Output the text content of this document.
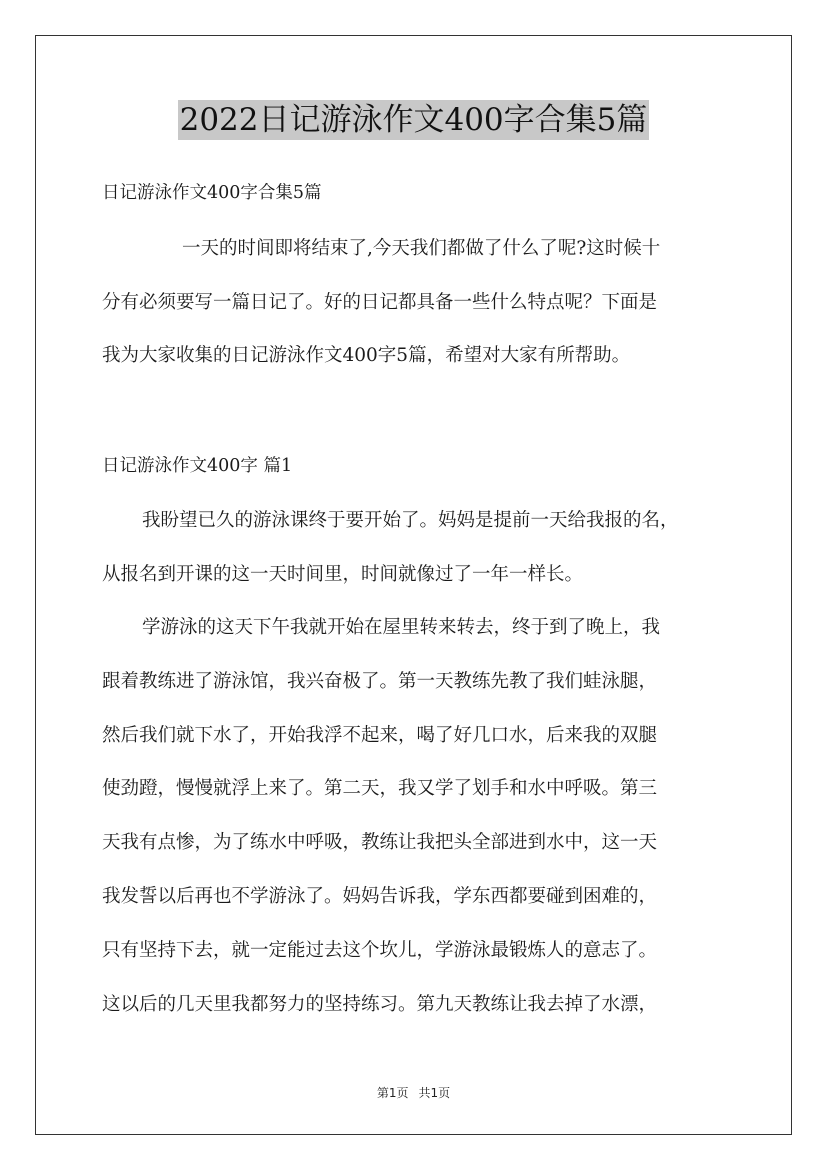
2022日记游泳作文400字合集5篇
日记游泳作文400字合集5篇
一天的时间即将结束了,今天我们都做了什么了呢?这时候十
分有必须要写一篇日记了。好的日记都具备一些什么特点呢？下面是
我为大家收集的日记游泳作文400字5篇，希望对大家有所帮助。
日记游泳作文400字 篇1
我盼望已久的游泳课终于要开始了。妈妈是提前一天给我报的名，
从报名到开课的这一天时间里，时间就像过了一年一样长。
学游泳的这天下午我就开始在屋里转来转去，终于到了晚上，我
跟着教练进了游泳馆，我兴奋极了。第一天教练先教了我们蛙泳腿，
然后我们就下水了，开始我浮不起来，喝了好几口水，后来我的双腿
使劲蹬，慢慢就浮上来了。第二天，我又学了划手和水中呼吸。第三
天我有点惨，为了练水中呼吸，教练让我把头全部进到水中，这一天
我发誓以后再也不学游泳了。妈妈告诉我，学东西都要碰到困难的，
只有坚持下去，就一定能过去这个坎儿，学游泳最锻炼人的意志了。
这以后的几天里我都努力的坚持练习。第九天教练让我去掉了水漂，
第1页 共1页
